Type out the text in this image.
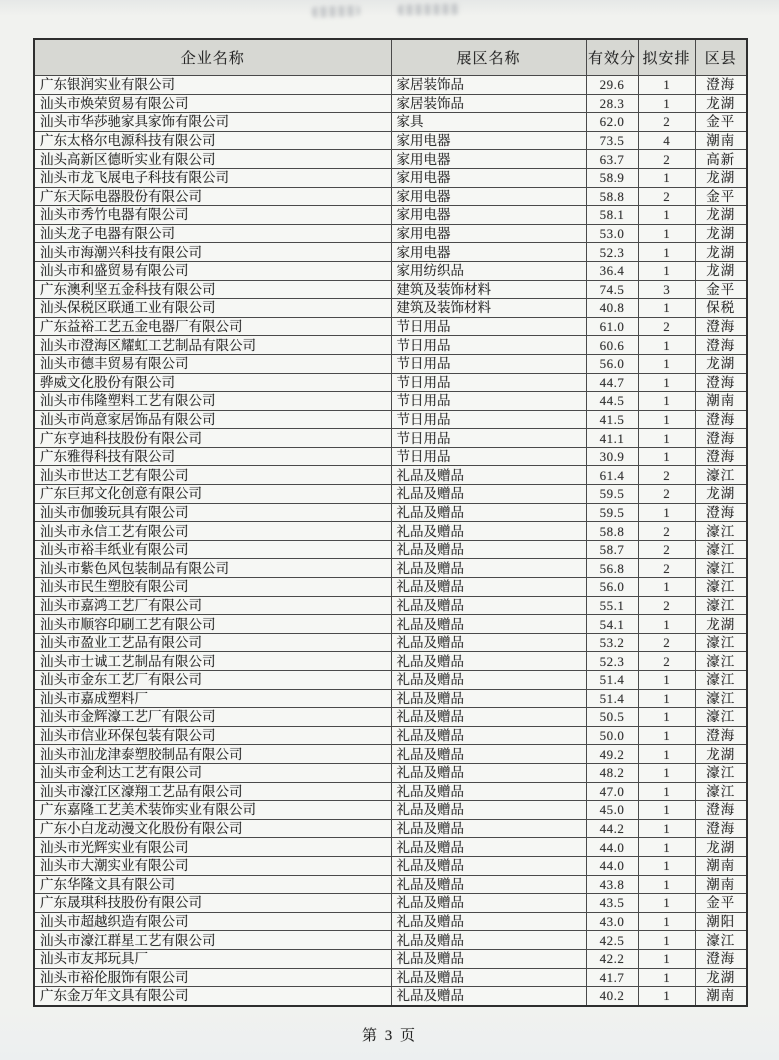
企业名称	展区名称	有效分	拟安排	区县
广东银润实业有限公司	家居装饰品	29.6	1	澄海
汕头市焕荣贸易有限公司	家居装饰品	28.3	1	龙湖
汕头市华莎驰家具家饰有限公司	家具	62.0	2	金平
广东太格尔电源科技有限公司	家用电器	73.5	4	潮南
汕头高新区德昕实业有限公司	家用电器	63.7	2	高新
汕头市龙飞展电子科技有限公司	家用电器	58.9	1	龙湖
广东天际电器股份有限公司	家用电器	58.8	2	金平
汕头市秀竹电器有限公司	家用电器	58.1	1	龙湖
汕头龙子电器有限公司	家用电器	53.0	1	龙湖
汕头市海潮兴科技有限公司	家用电器	52.3	1	龙湖
汕头市和盛贸易有限公司	家用纺织品	36.4	1	龙湖
广东澳利坚五金科技有限公司	建筑及装饰材料	74.5	3	金平
汕头保税区联通工业有限公司	建筑及装饰材料	40.8	1	保税
广东益裕工艺五金电器厂有限公司	节日用品	61.0	2	澄海
汕头市澄海区耀虹工艺制品有限公司	节日用品	60.6	1	澄海
汕头市德丰贸易有限公司	节日用品	56.0	1	龙湖
骅威文化股份有限公司	节日用品	44.7	1	澄海
汕头市伟隆塑料工艺有限公司	节日用品	44.5	1	潮南
汕头市尚意家居饰品有限公司	节日用品	41.5	1	澄海
广东亨迪科技股份有限公司	节日用品	41.1	1	澄海
广东雅得科技有限公司	节日用品	30.9	1	澄海
汕头市世达工艺有限公司	礼品及赠品	61.4	2	濠江
广东巨邦文化创意有限公司	礼品及赠品	59.5	2	龙湖
汕头市伽骏玩具有限公司	礼品及赠品	59.5	1	澄海
汕头市永信工艺有限公司	礼品及赠品	58.8	2	濠江
汕头市裕丰纸业有限公司	礼品及赠品	58.7	2	濠江
汕头市紫色风包装制品有限公司	礼品及赠品	56.8	2	濠江
汕头市民生塑胶有限公司	礼品及赠品	56.0	1	濠江
汕头市嘉鸿工艺厂有限公司	礼品及赠品	55.1	2	濠江
汕头市顺容印刷工艺有限公司	礼品及赠品	54.1	1	龙湖
汕头市盈业工艺品有限公司	礼品及赠品	53.2	2	濠江
汕头市士诚工艺制品有限公司	礼品及赠品	52.3	2	濠江
汕头市金东工艺厂有限公司	礼品及赠品	51.4	1	濠江
汕头市嘉成塑料厂	礼品及赠品	51.4	1	濠江
汕头市金辉濠工艺厂有限公司	礼品及赠品	50.5	1	濠江
汕头市信业环保包装有限公司	礼品及赠品	50.0	1	澄海
汕头市汕龙津泰塑胶制品有限公司	礼品及赠品	49.2	1	龙湖
汕头市金利达工艺有限公司	礼品及赠品	48.2	1	濠江
汕头市濠江区濠翔工艺品有限公司	礼品及赠品	47.0	1	濠江
广东嘉隆工艺美术装饰实业有限公司	礼品及赠品	45.0	1	澄海
广东小白龙动漫文化股份有限公司	礼品及赠品	44.2	1	澄海
汕头市光辉实业有限公司	礼品及赠品	44.0	1	龙湖
汕头市大潮实业有限公司	礼品及赠品	44.0	1	潮南
广东华隆文具有限公司	礼品及赠品	43.8	1	潮南
广东晟琪科技股份有限公司	礼品及赠品	43.5	1	金平
汕头市超越织造有限公司	礼品及赠品	43.0	1	潮阳
汕头市濠江群星工艺有限公司	礼品及赠品	42.5	1	濠江
汕头市友邦玩具厂	礼品及赠品	42.2	1	澄海
汕头市裕伦服饰有限公司	礼品及赠品	41.7	1	龙湖
广东金万年文具有限公司	礼品及赠品	40.2	1	潮南
第 3 页
